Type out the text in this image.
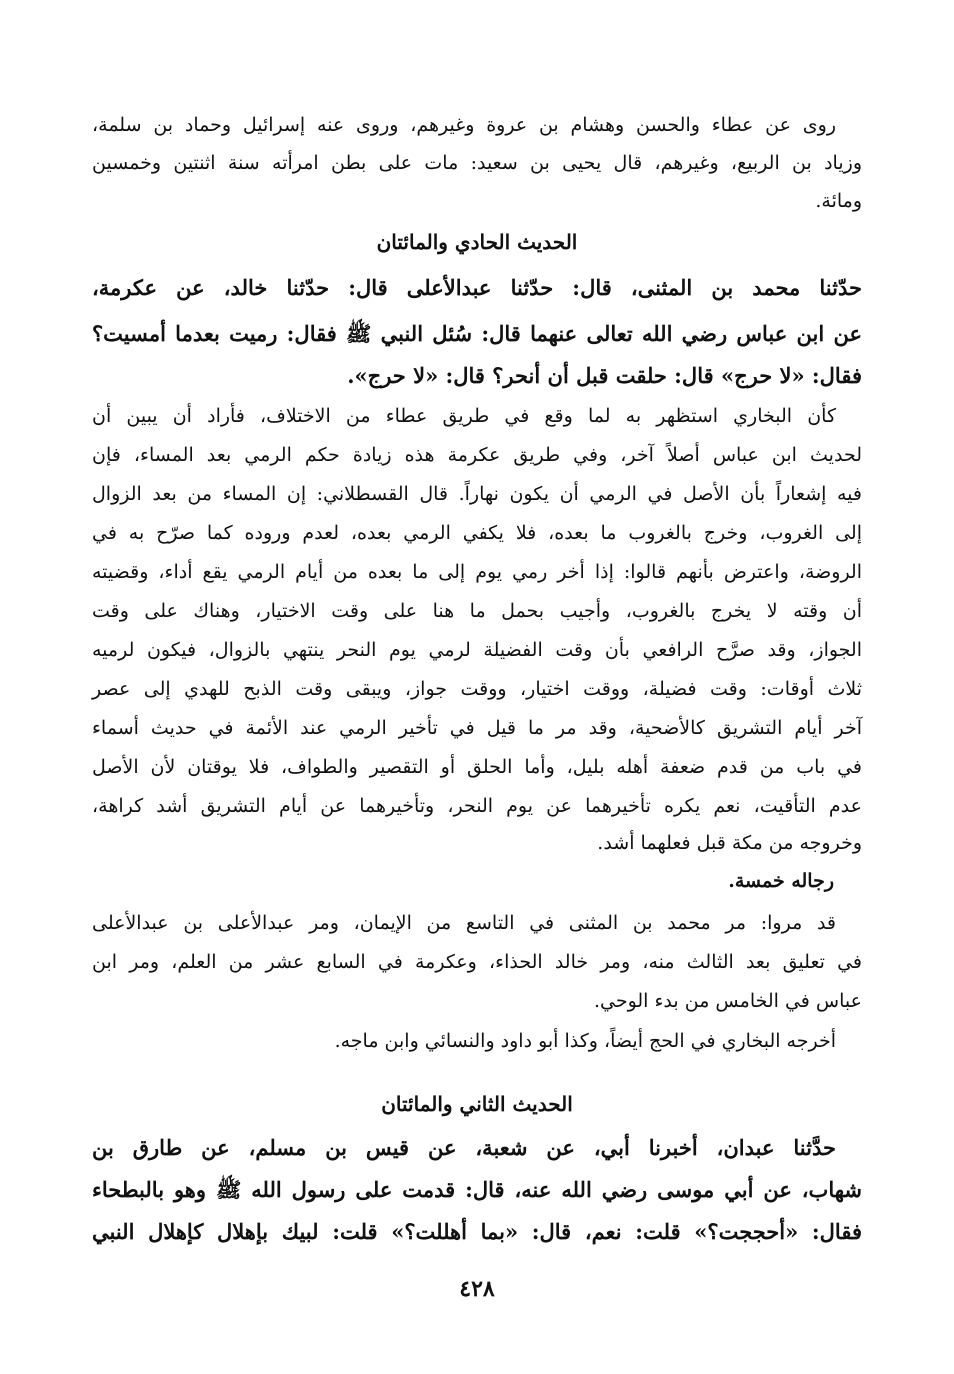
روى عن عطاء والحسن وهشام بن عروة وغيرهم، وروى عنه إسرائيل وحماد بن سلمة،
وزياد بن الربيع، وغيرهم، قال يحيى بن سعيد: مات على بطن امرأته سنة اثنتين وخمسين
ومائة.
الحديث الحادي والمائتان
حدّثنا محمد بن المثنى، قال: حدّثنا عبدالأعلى قال: حدّثنا خالد، عن عكرمة،
عن ابن عباس رضي الله تعالى عنهما قال: سُئل النبي ﷺ فقال: رميت بعدما أمسيت؟
فقال: «لا حرج» قال: حلقت قبل أن أنحر؟ قال: «لا حرج».
كأن البخاري استظهر به لما وقع في طريق عطاء من الاختلاف، فأراد أن يبين أن
لحديث ابن عباس أصلاً آخر، وفي طريق عكرمة هذه زيادة حكم الرمي بعد المساء، فإن
فيه إشعاراً بأن الأصل في الرمي أن يكون نهاراً. قال القسطلاني: إن المساء من بعد الزوال
إلى الغروب، وخرج بالغروب ما بعده، فلا يكفي الرمي بعده، لعدم وروده كما صرّح به في
الروضة، واعترض بأنهم قالوا: إذا أخر رمي يوم إلى ما بعده من أيام الرمي يقع أداء، وقضيته
أن وقته لا يخرج بالغروب، وأجيب بحمل ما هنا على وقت الاختيار، وهناك على وقت
الجواز، وقد صرَّح الرافعي بأن وقت الفضيلة لرمي يوم النحر ينتهي بالزوال، فيكون لرميه
ثلاث أوقات: وقت فضيلة، ووقت اختيار، ووقت جواز، ويبقى وقت الذبح للهدي إلى عصر
آخر أيام التشريق كالأضحية، وقد مر ما قيل في تأخير الرمي عند الأئمة في حديث أسماء
في باب من قدم ضعفة أهله بليل، وأما الحلق أو التقصير والطواف، فلا يوقتان لأن الأصل
عدم التأقيت، نعم يكره تأخيرهما عن يوم النحر، وتأخيرهما عن أيام التشريق أشد كراهة،
وخروجه من مكة قبل فعلهما أشد.
رجاله خمسة.
قد مروا: مر محمد بن المثنى في التاسع من الإيمان، ومر عبدالأعلى بن عبدالأعلى
في تعليق بعد الثالث منه، ومر خالد الحذاء، وعكرمة في السابع عشر من العلم، ومر ابن
عباس في الخامس من بدء الوحي.
أخرجه البخاري في الحج أيضاً، وكذا أبو داود والنسائي وابن ماجه.
الحديث الثاني والمائتان
حدَّثنا عبدان، أخبرنا أبي، عن شعبة، عن قيس بن مسلم، عن طارق بن
شهاب، عن أبي موسى رضي الله عنه، قال: قدمت على رسول الله ﷺ وهو بالبطحاء
فقال: «أحججت؟» قلت: نعم، قال: «بما أهللت؟» قلت: لبيك بإهلال كإهلال النبي
٤٢٨
